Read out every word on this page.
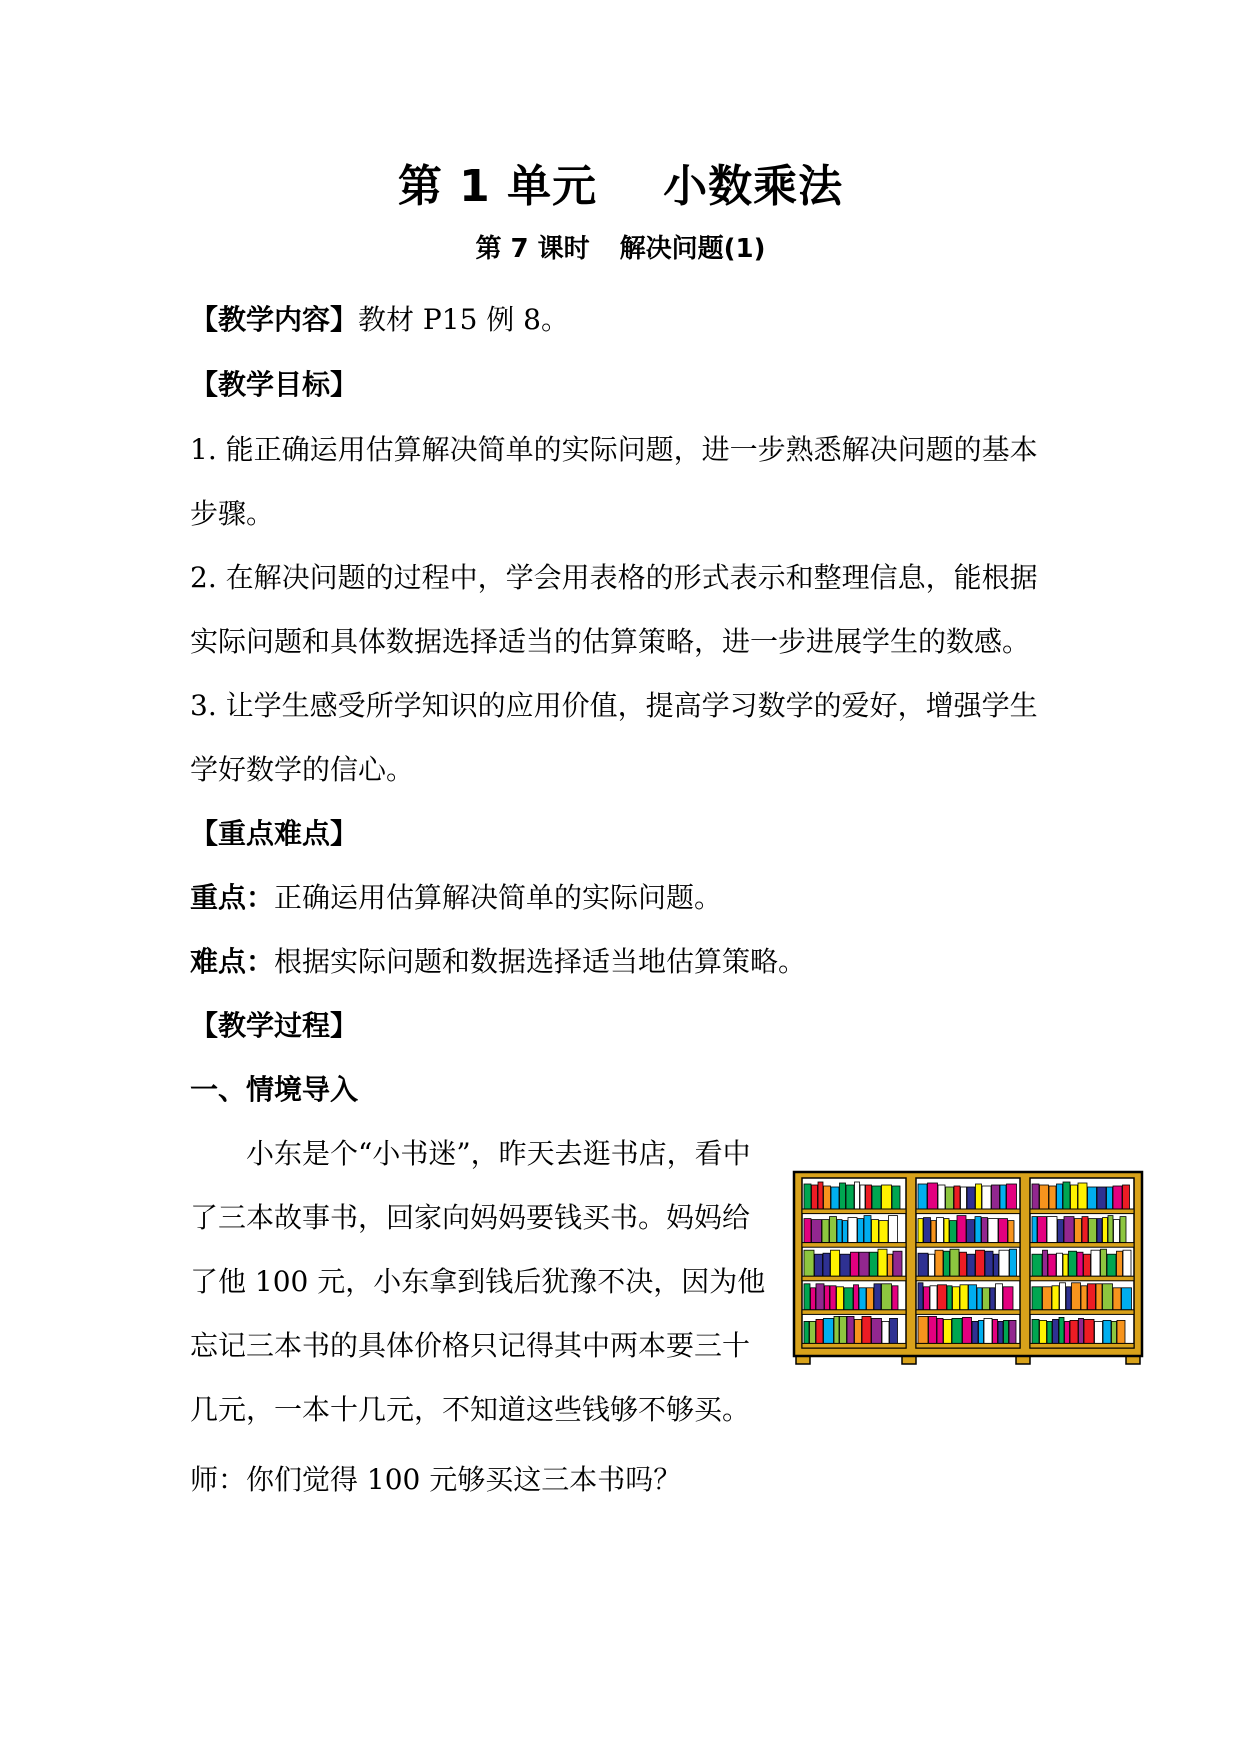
第 1 单元 小数乘法
第 7 课时 解决问题(1)
【教学内容】教材 P15 例 8。
【教学目标】
1. 能正确运用估算解决简单的实际问题，进一步熟悉解决问题的基本
步骤。
2. 在解决问题的过程中，学会用表格的形式表示和整理信息，能根据
实际问题和具体数据选择适当的估算策略，进一步进展学生的数感。
3. 让学生感受所学知识的应用价值，提高学习数学的爱好，增强学生
学好数学的信心。
【重点难点】
重点：正确运用估算解决简单的实际问题。
难点：根据实际问题和数据选择适当地估算策略。
【教学过程】
一、情境导入
小东是个“小书迷”，昨天去逛书店，看中
了三本故事书，回家向妈妈要钱买书。妈妈给
了他 100 元，小东拿到钱后犹豫不决，因为他
忘记三本书的具体价格只记得其中两本要三十
几元，一本十几元，不知道这些钱够不够买。
师：你们觉得 100 元够买这三本书吗？
